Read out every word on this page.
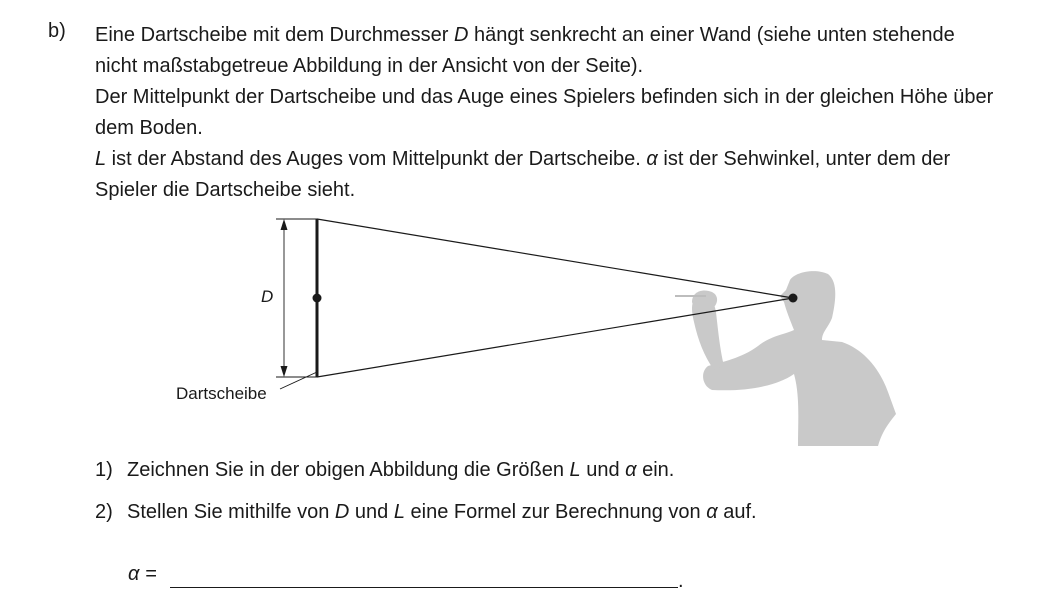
b) Eine Dartscheibe mit dem Durchmesser D hängt senkrecht an einer Wand (siehe unten stehende nicht maßstabgetreue Abbildung in der Ansicht von der Seite).

Der Mittelpunkt der Dartscheibe und das Auge eines Spielers befinden sich in der gleichen Höhe über dem Boden.

L ist der Abstand des Auges vom Mittelpunkt der Dartscheibe. α ist der Sehwinkel, unter dem der Spieler die Dartscheibe sieht.

D
Dartscheibe
1) Zeichnen Sie in der obigen Abbildung die Größen L und α ein.
2) Stellen Sie mithilfe von D und L eine Formel zur Berechnung von α auf.
α =	.
